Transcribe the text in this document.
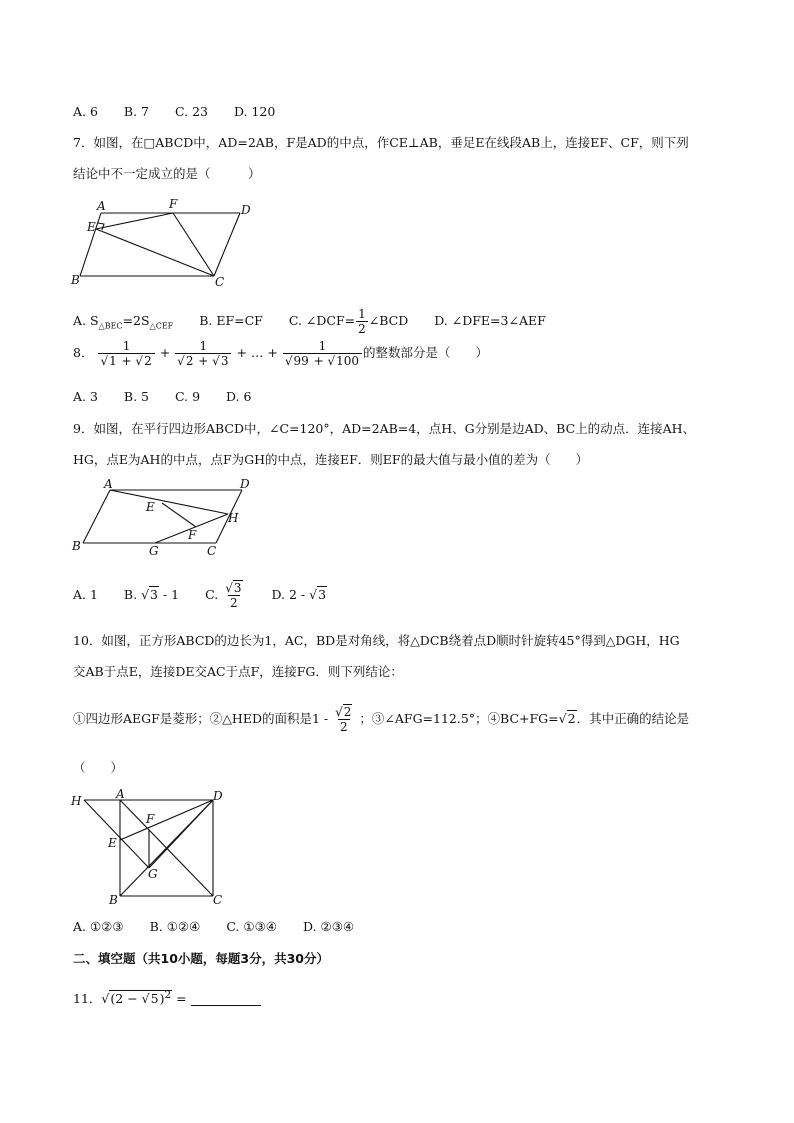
A. 6 B. 7 C. 23 D. 120
7．如图，在□ABCD中，AD=2AB，F是AD的中点，作CE⊥AB，垂足E在线段AB上，连接EF、CF，则下列
结论中不一定成立的是（　　　）
A	F	D
E
B	C
A. $S_{\triangle BEC}=2S_{\triangle CEF}$ B. EF=CF C. ∠DCF= $\frac{1}{2}$ ∠BCD D. ∠DFE=3∠AEF
8． $\frac{1}{√1 + √2} + \frac{1}{√2 + √3}$ + … + $\frac{1}{√99 + √100}$ 的整数部分是（　　）
A. 3 B. 5 C. 9 D. 6
9．如图，在平行四边形ABCD中，∠C=120°，AD=2AB=4，点H、G分别是边AD、BC上的动点．连接AH、
HG，点E为AH的中点，点F为GH的中点，连接EF．则EF的最大值与最小值的差为（　　）
A	D
E
H
F
B	G	C
A. 1 B. √3 - 1 C. $\frac{√3}{2} D$. 2 - √3
10．如图，正方形ABCD的边长为1，AC，BD是对角线，将△DCB绕着点D顺时针旋转45°得到△DGH，HG
交AB于点E，连接DE交AC于点F，连接FG．则下列结论：
①四边形AEGF是菱形；②△HED的面积是$1 - \frac{√2}{2}$ ；③∠AFG=112.5°；④BC+FG=√2．其中正确的结论是
（　　）
H	A	D
F
E
G
B	C
A. ①②③ B. ①②④ C. ①③④ D. ②③④
二、填空题（共10小题，每题3分，共30分）
11．$√(2 - √5)^2$ =
